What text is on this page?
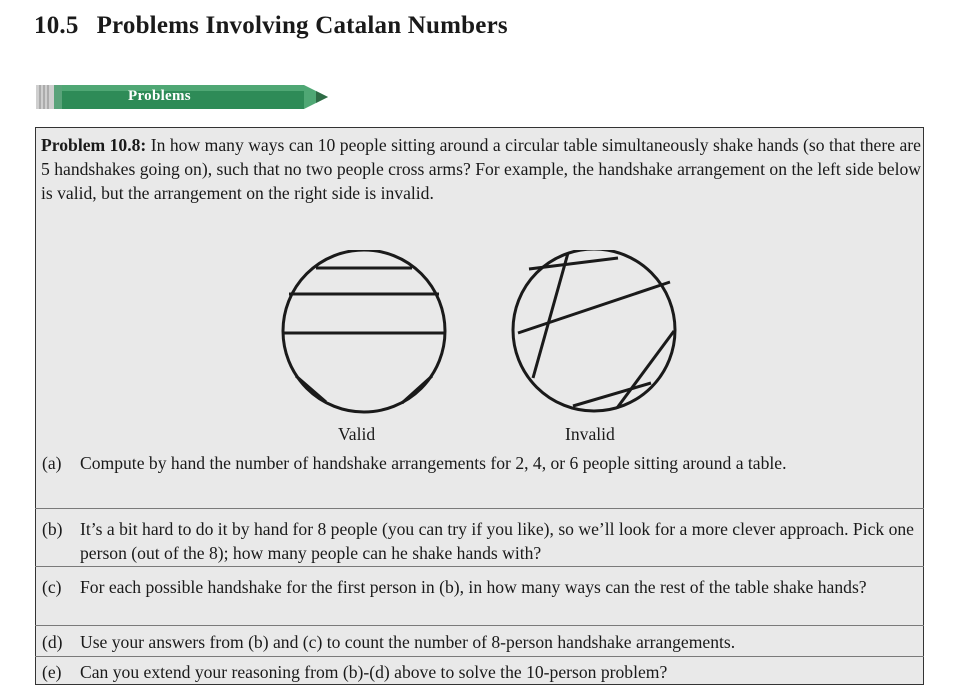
10.5 Problems Involving Catalan Numbers
Problems
Problem 10.8: In how many ways can 10 people sitting around a circular table simultaneously shake hands (so that there are 5 handshakes going on), such that no two people cross arms? For example, the handshake arrangement on the left side below is valid, but the arrangement on the right side is invalid.
Valid	Invalid
(a) Compute by hand the number of handshake arrangements for 2, 4, or 6 people sitting around a table.
(b) It’s a bit hard to do it by hand for 8 people (you can try if you like), so we’ll look for a more clever approach. Pick one person (out of the 8); how many people can he shake hands with?
(c) For each possible handshake for the first person in (b), in how many ways can the rest of the table shake hands?
(d) Use your answers from (b) and (c) to count the number of 8-person handshake arrangements.
(e) Can you extend your reasoning from (b)-(d) above to solve the 10-person problem?
